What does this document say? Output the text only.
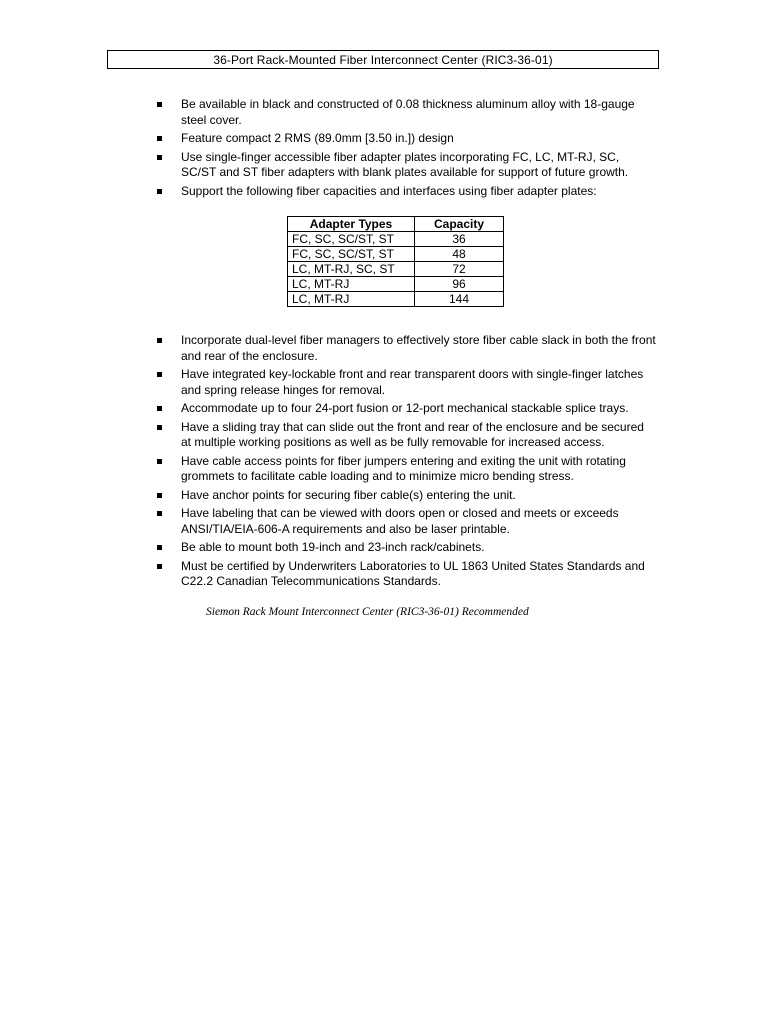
36-Port Rack-Mounted Fiber Interconnect Center (RIC3-36-01)
Be available in black and constructed of 0.08 thickness aluminum alloy with 18-gauge steel cover.
Feature compact 2 RMS (89.0mm [3.50 in.]) design
Use single-finger accessible fiber adapter plates incorporating FC, LC, MT-RJ, SC, SC/ST and ST fiber adapters with blank plates available for support of future growth.
Support the following fiber capacities and interfaces using fiber adapter plates:
Adapter Types	Capacity
FC, SC, SC/ST, ST	36
FC, SC, SC/ST, ST	48
LC, MT-RJ, SC, ST	72
LC, MT-RJ	96
LC, MT-RJ	144
Incorporate dual-level fiber managers to effectively store fiber cable slack in both the front and rear of the enclosure.
Have integrated key-lockable front and rear transparent doors with single-finger latches and spring release hinges for removal.
Accommodate up to four 24-port fusion or 12-port mechanical stackable splice trays.
Have a sliding tray that can slide out the front and rear of the enclosure and be secured at multiple working positions as well as be fully removable for increased access.
Have cable access points for fiber jumpers entering and exiting the unit with rotating grommets to facilitate cable loading and to minimize micro bending stress.
Have anchor points for securing fiber cable(s) entering the unit.
Have labeling that can be viewed with doors open or closed and meets or exceeds ANSI/TIA/EIA-606-A requirements and also be laser printable.
Be able to mount both 19-inch and 23-inch rack/cabinets.
Must be certified by Underwriters Laboratories to UL 1863 United States Standards and C22.2 Canadian Telecommunications Standards.
Siemon Rack Mount Interconnect Center (RIC3-36-01) Recommended
